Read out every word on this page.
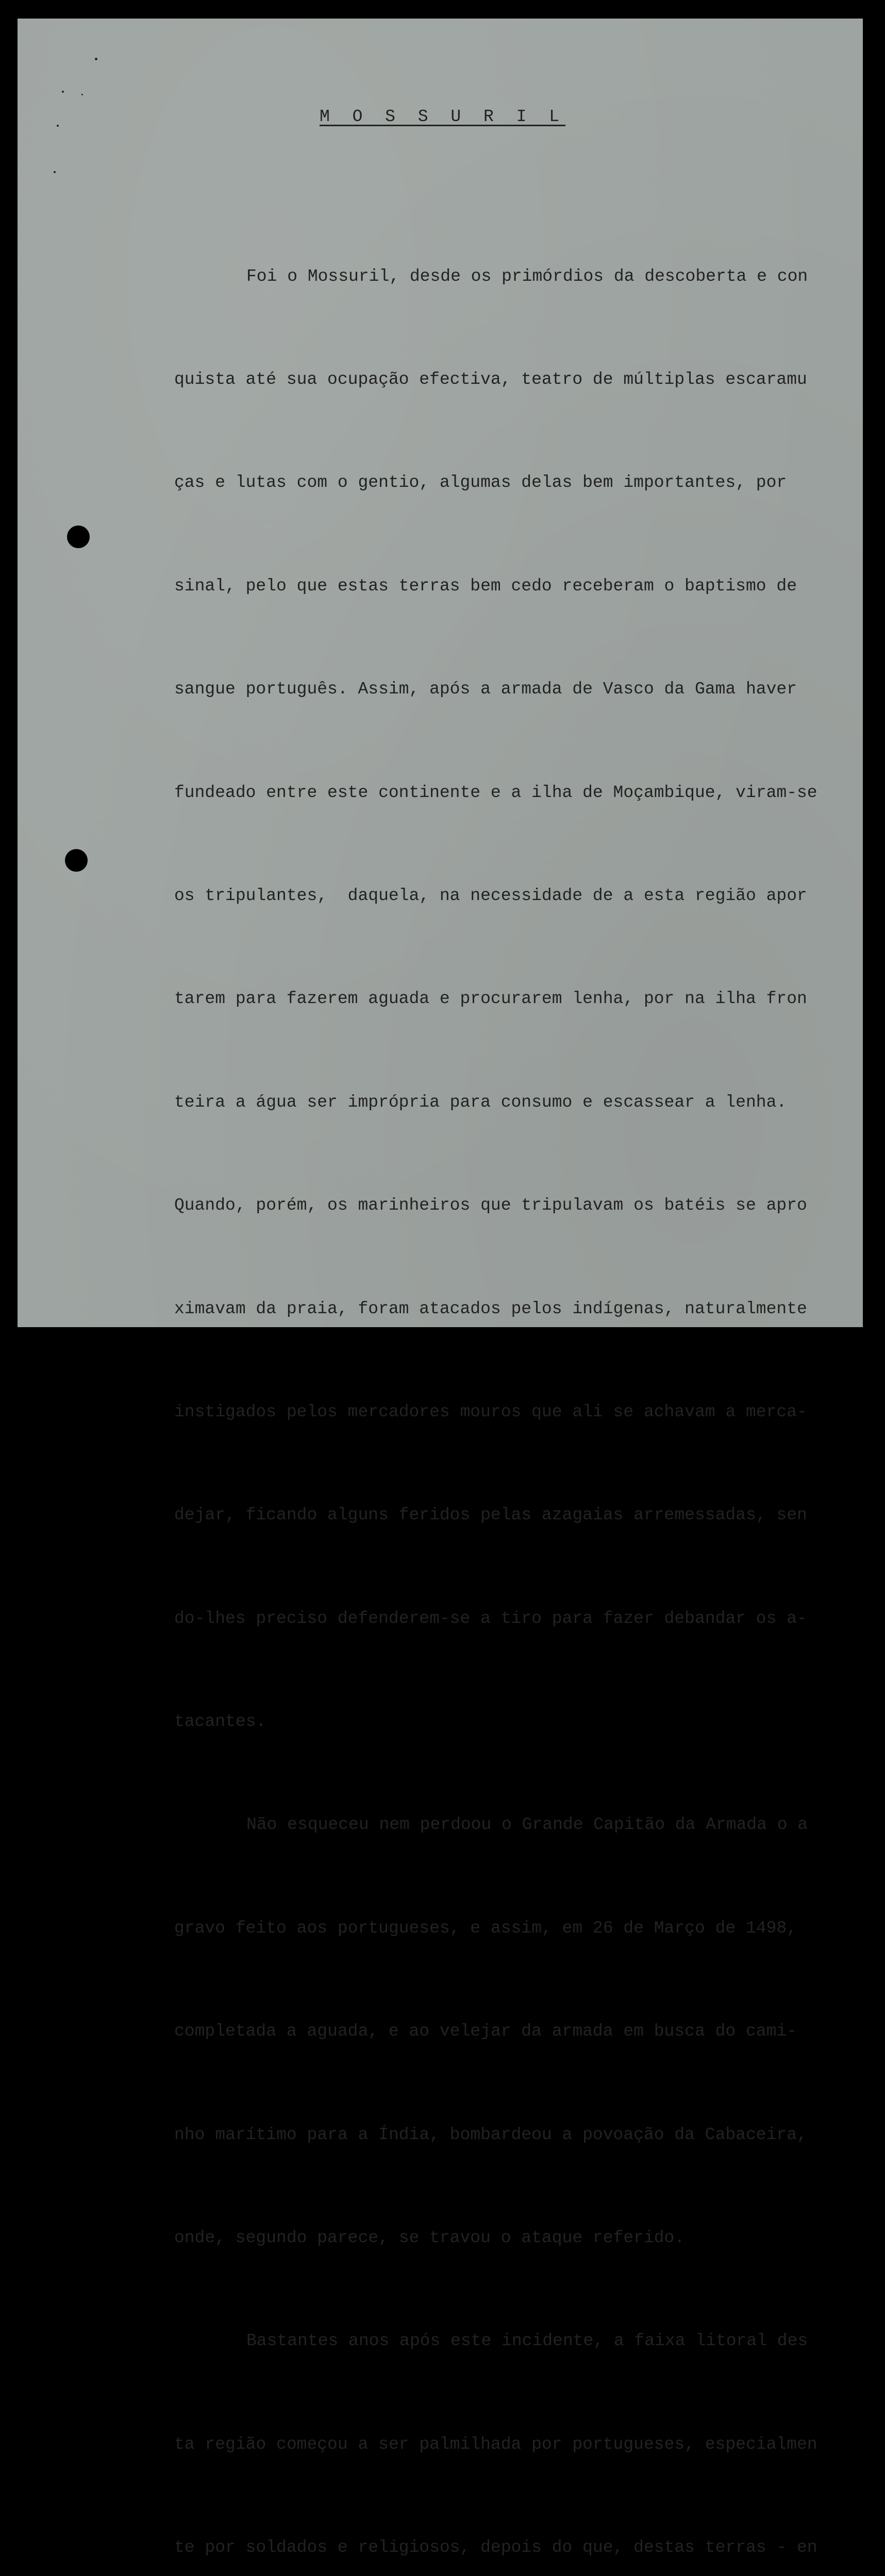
M O S S U R I L

Foi o Mossuril, desde os primórdios da descoberta e con

quista até sua ocupação efectiva, teatro de múltiplas escaramu

ças e lutas com o gentio, algumas delas bem importantes, por

sinal, pelo que estas terras bem cedo receberam o baptismo de

sangue português. Assim, após a armada de Vasco da Gama haver

fundeado entre este continente e a ilha de Moçambique, viram-se

os tripulantes,  daquela, na necessidade de a esta região apor

tarem para fazerem aguada e procurarem lenha, por na ilha fron

teira a água ser imprópria para consumo e escassear a lenha.

Quando, porém, os marinheiros que tripulavam os batéis se apro

ximavam da praia, foram atacados pelos indígenas, naturalmente

instigados pelos mercadores mouros que ali se achavam a merca-

dejar, ficando alguns feridos pelas azagaias arremessadas, sen

do-lhes preciso defenderem-se a tiro para fazer debandar os a-

tacantes.

Não esqueceu nem perdoou o Grande Capitão da Armada o a

gravo feito aos portugueses, e assim, em 26 de Março de 1498,

completada a aguada, e ao velejar da armada em busca do cami-

nho marítimo para a Índia, bombardeou a povoação da Cabaceira,

onde, segundo parece, se travou o ataque referido.

Bastantes anos após este incidente, a faixa litoral des

ta região começou a ser palmilhada por portugueses, especialmen

te por soldados e religiosos, depois do que, destas terras - en
